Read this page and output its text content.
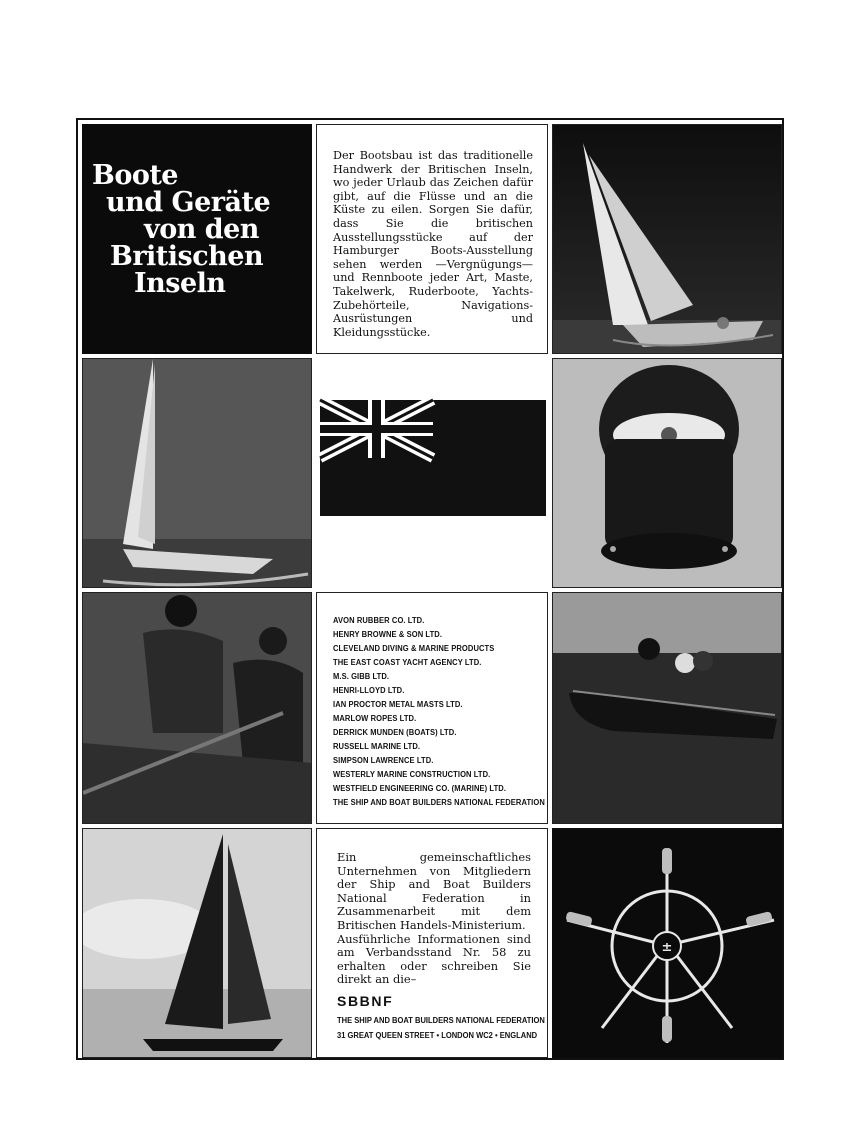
Boote
und Geräte
von den
Britischen
Inseln
Der Bootsbau ist das traditionelle Handwerk der Britischen Inseln, wo jeder Urlaub das Zeichen dafür gibt, auf die Flüsse und an die Küste zu eilen. Sorgen Sie dafür, dass Sie die britischen Ausstellungsstücke auf der Hamburger Boots-Ausstellung sehen werden —Vergnügungs—und Rennboote jeder Art, Maste, Takelwerk, Ruderboote, Yachts-Zubehörteile, Navigations-Ausrüstungen und Kleidungsstücke.
AVON RUBBER CO. LTD.
HENRY BROWNE & SON LTD.
CLEVELAND DIVING & MARINE PRODUCTS
THE EAST COAST YACHT AGENCY LTD.
M.S. GIBB LTD.
HENRI-LLOYD LTD.
IAN PROCTOR METAL MASTS LTD.
MARLOW ROPES LTD.
DERRICK MUNDEN (BOATS) LTD.
RUSSELL MARINE LTD.
SIMPSON LAWRENCE LTD.
WESTERLY MARINE CONSTRUCTION LTD.
WESTFIELD ENGINEERING CO. (MARINE) LTD.
THE SHIP AND BOAT BUILDERS NATIONAL FEDERATION

Ein gemeinschaftliches Unternehmen von Mitgliedern der Ship and Boat Builders National Federation in Zusammenarbeit mit dem Britischen Handels-Ministerium.

Ausführliche Informationen sind am Verbandsstand Nr. 58 zu erhalten oder schreiben Sie direkt an die–

SBBNF
THE SHIP AND BOAT BUILDERS NATIONAL FEDERATION
31 GREAT QUEEN STREET • LONDON WC2 • ENGLAND
±
